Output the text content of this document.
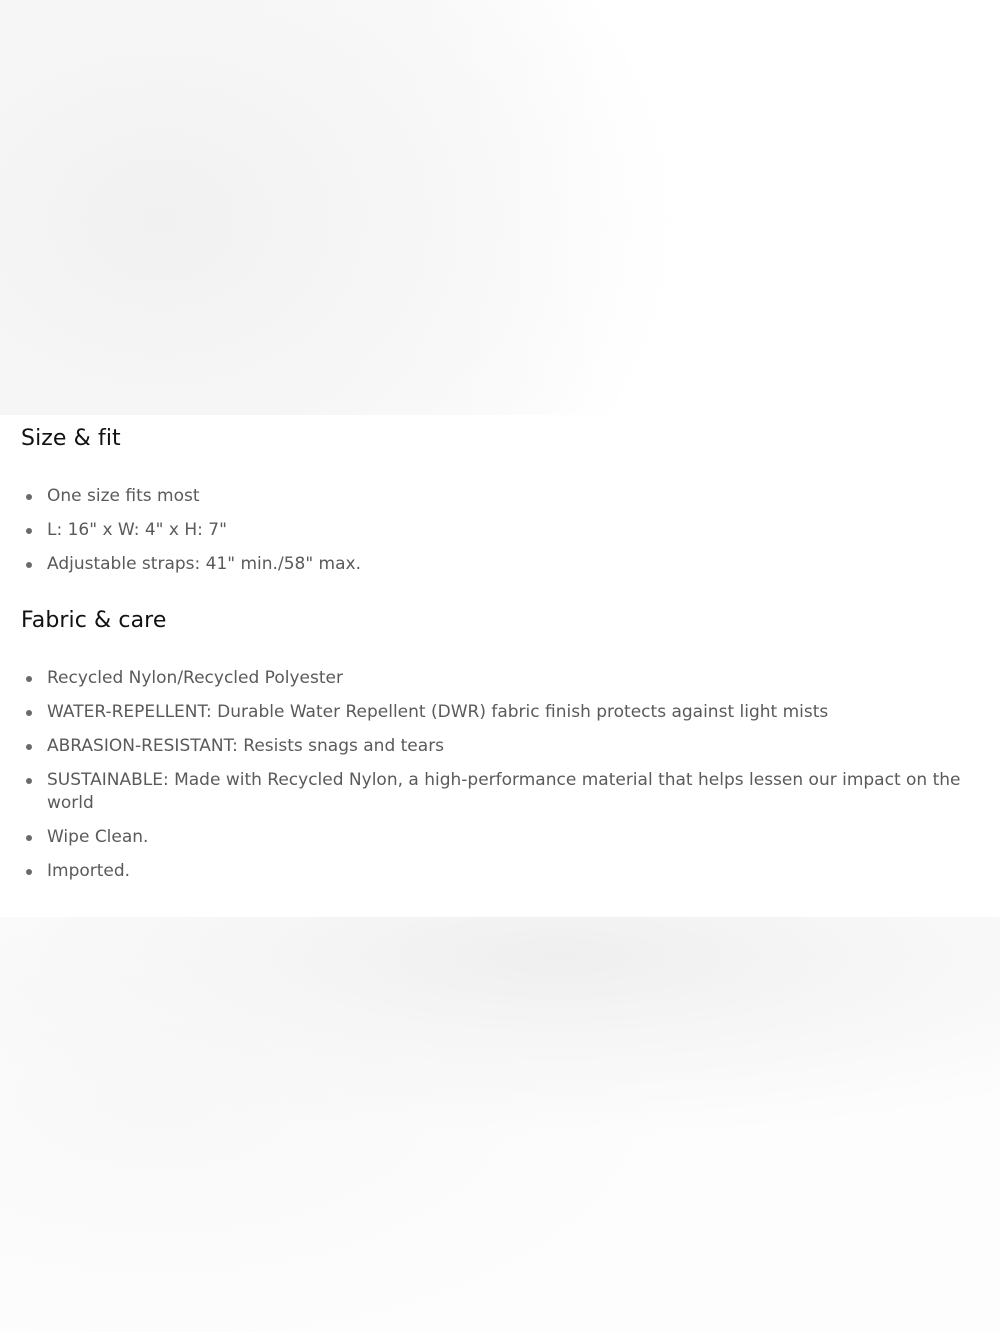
Size & fit
One size fits most
L: 16" x W: 4" x H: 7"
Adjustable straps: 41" min./58" max.
Fabric & care
Recycled Nylon/Recycled Polyester
WATER-REPELLENT: Durable Water Repellent (DWR) fabric finish protects against light mists
ABRASION-RESISTANT: Resists snags and tears
SUSTAINABLE: Made with Recycled Nylon, a high-performance material that helps lessen our impact on the world
Wipe Clean.
Imported.
